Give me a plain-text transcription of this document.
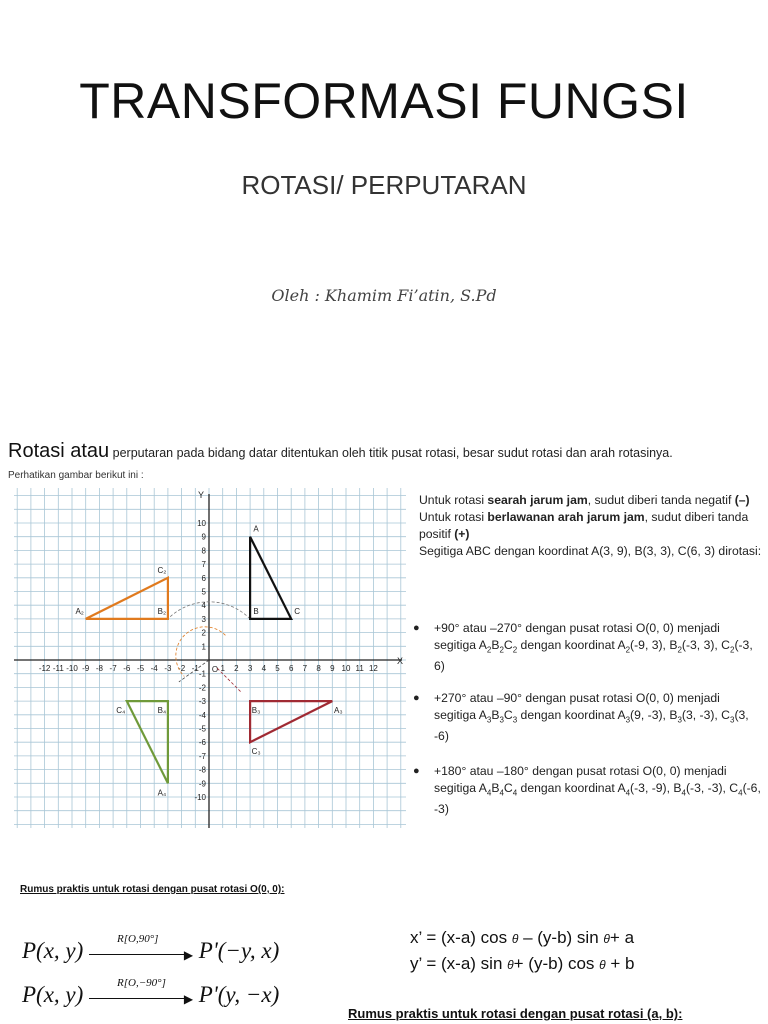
TRANSFORMASI FUNGSI
ROTASI/ PERPUTARAN
Oleh : Khamim Fi’atin, S.Pd
Rotasi atau perputaran pada bidang datar ditentukan oleh titik pusat rotasi, besar sudut rotasi dan arah rotasinya.
Perhatikan gambar berikut ini :
X
Y
O
-12 -11 -10 -9 -8 -7 -6 -5 -4 -3 -2 -1	1 2 3 4 5 6 7 8 9 10 11 12
10
9
8
7
6
5
4
3
2
1
-1
-2
-3
-4
-5
-6
-7
-8
-9
-10
A
B	C
A₂	B₂
C₂
A₃
B₃
C₃
A₄
B₄
C₄

Untuk rotasi searah jarum jam, sudut diberi tanda negatif (–)

Untuk rotasi berlawanan arah jarum jam, sudut diberi tanda positif (+)

Segitiga ABC dengan koordinat A(3, 9), B(3, 3), C(6, 3) dirotasi:

● +90° atau –270° dengan pusat rotasi O(0, 0) menjadi segitiga $A_2B_2C_2$ dengan koordinat $A_2(-9$, 3), $B_2(-3$, 3), $C_2(-3$, 6)
● +270° atau –90° dengan pusat rotasi O(0, 0) menjadi segitiga $A_3B_3C_3$ dengan koordinat $A_3(9$, -3), $B_3(3$, -3), $C_3(3$, -6)
● +180° atau –180° dengan pusat rotasi O(0, 0) menjadi segitiga $A_4B_4C_4$ dengan koordinat $A_4(-3$, -9), $B_4(-3$, -3), $C_4(-6$, -3)
Rumus praktis untuk rotasi dengan pusat rotasi O(0, 0):
x’ = (x-a) cos θ – (y-b) sin θ+ a
y’ = (x-a) sin θ+ (y-b) cos θ + b
P(x, y)	R[O,90°]
▶ P'(−y, x)
P(x, y)	R[O,−90°]
▶ P'(y, −x)
Rumus praktis untuk rotasi dengan pusat rotasi (a, b):
